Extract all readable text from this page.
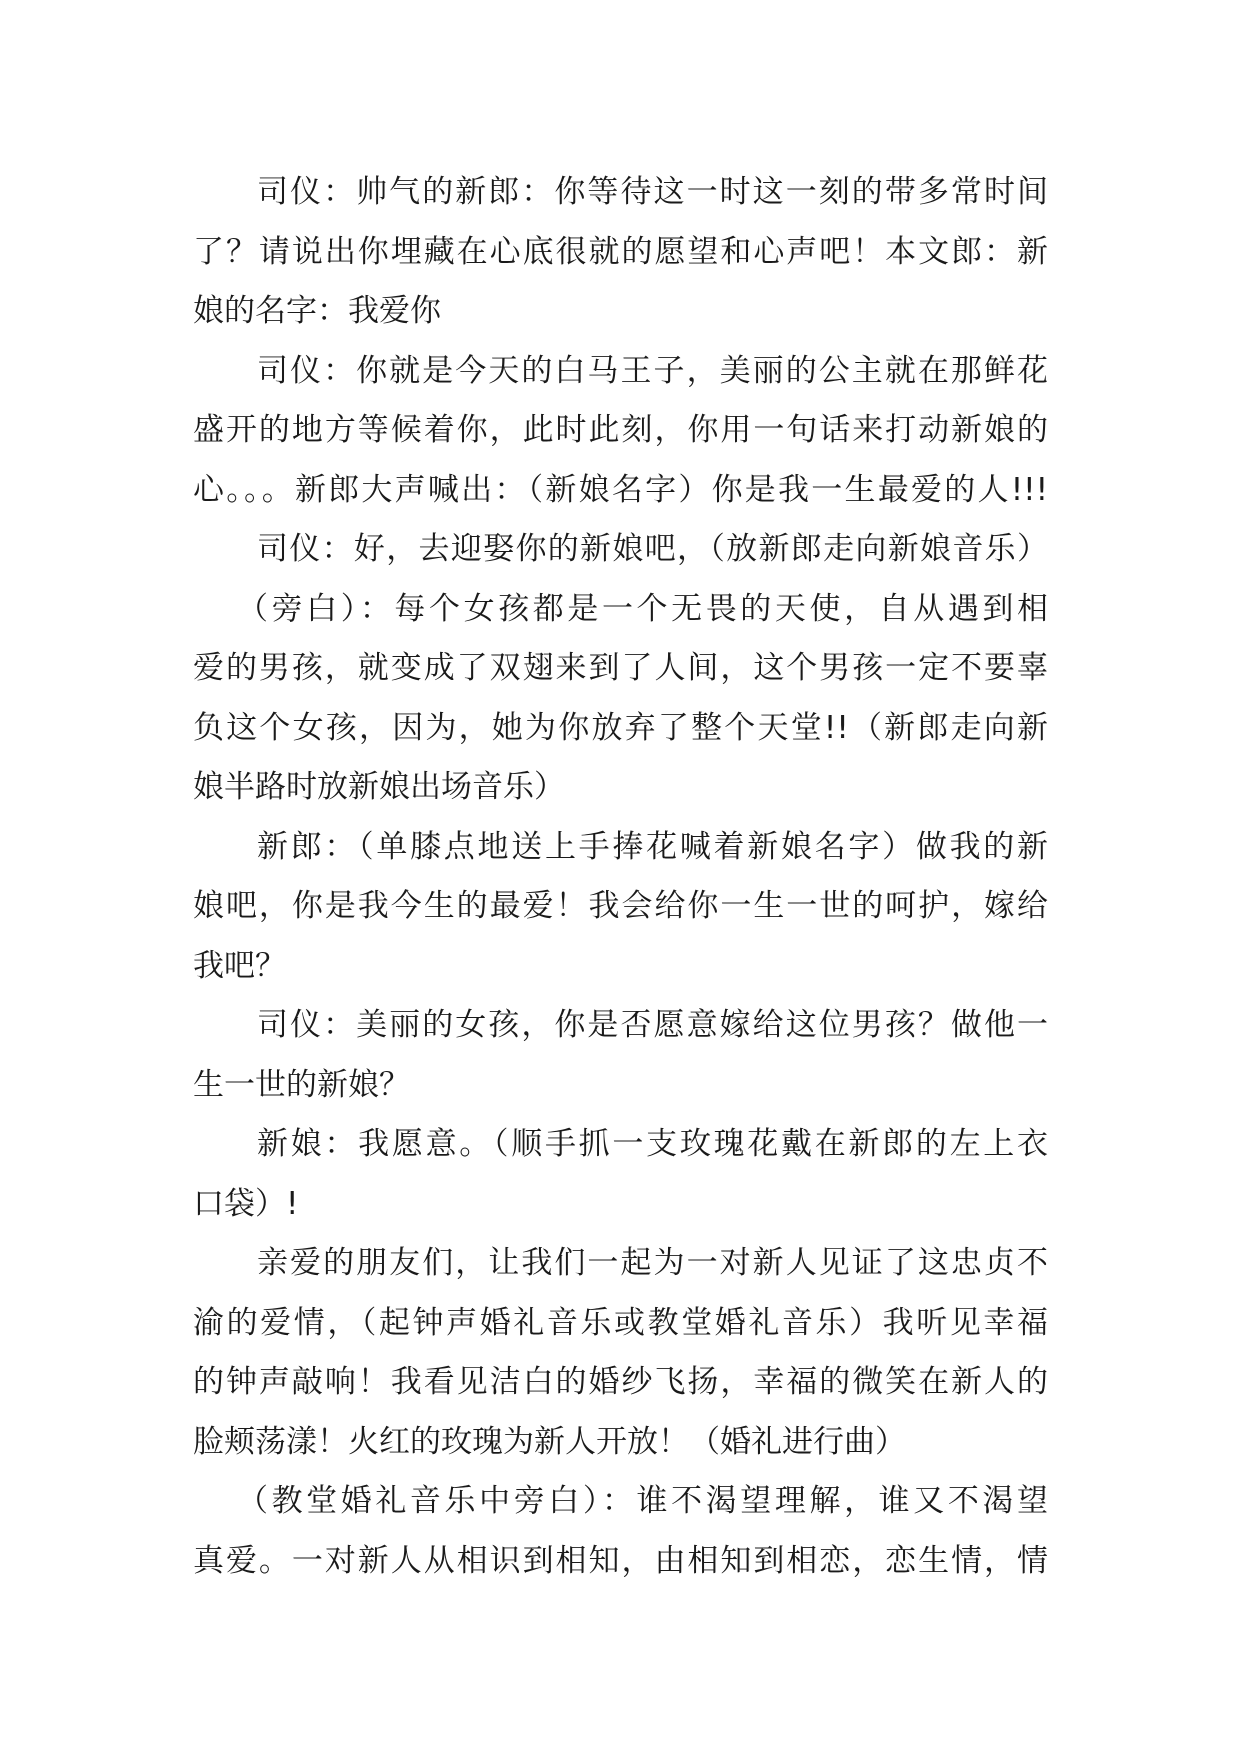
司仪：帅气的新郎：你等待这一时这一刻的带多常时间
了？请说出你埋藏在心底很就的愿望和心声吧！本文郎：新
娘的名字：我爱你
司仪：你就是今天的白马王子，美丽的公主就在那鲜花
盛开的地方等候着你，此时此刻，你用一句话来打动新娘的
心。。。新郎大声喊出：（新娘名字）你是我一生最爱的人!!!
司仪：好，去迎娶你的新娘吧，（放新郎走向新娘音乐）
（旁白）：每个女孩都是一个无畏的天使，自从遇到相
爱的男孩，就变成了双翅来到了人间，这个男孩一定不要辜
负这个女孩，因为，她为你放弃了整个天堂!!（新郎走向新
娘半路时放新娘出场音乐）
新郎：（单膝点地送上手捧花喊着新娘名字）做我的新
娘吧，你是我今生的最爱！我会给你一生一世的呵护，嫁给
我吧？
司仪：美丽的女孩，你是否愿意嫁给这位男孩？做他一
生一世的新娘？
新娘：我愿意。（顺手抓一支玫瑰花戴在新郎的左上衣
口袋）!
亲爱的朋友们，让我们一起为一对新人见证了这忠贞不
渝的爱情，（起钟声婚礼音乐或教堂婚礼音乐）我听见幸福
的钟声敲响！我看见洁白的婚纱飞扬，幸福的微笑在新人的
脸颊荡漾！火红的玫瑰为新人开放！（婚礼进行曲）
（教堂婚礼音乐中旁白）：谁不渴望理解，谁又不渴望
真爱。一对新人从相识到相知，由相知到相恋，恋生情，情
